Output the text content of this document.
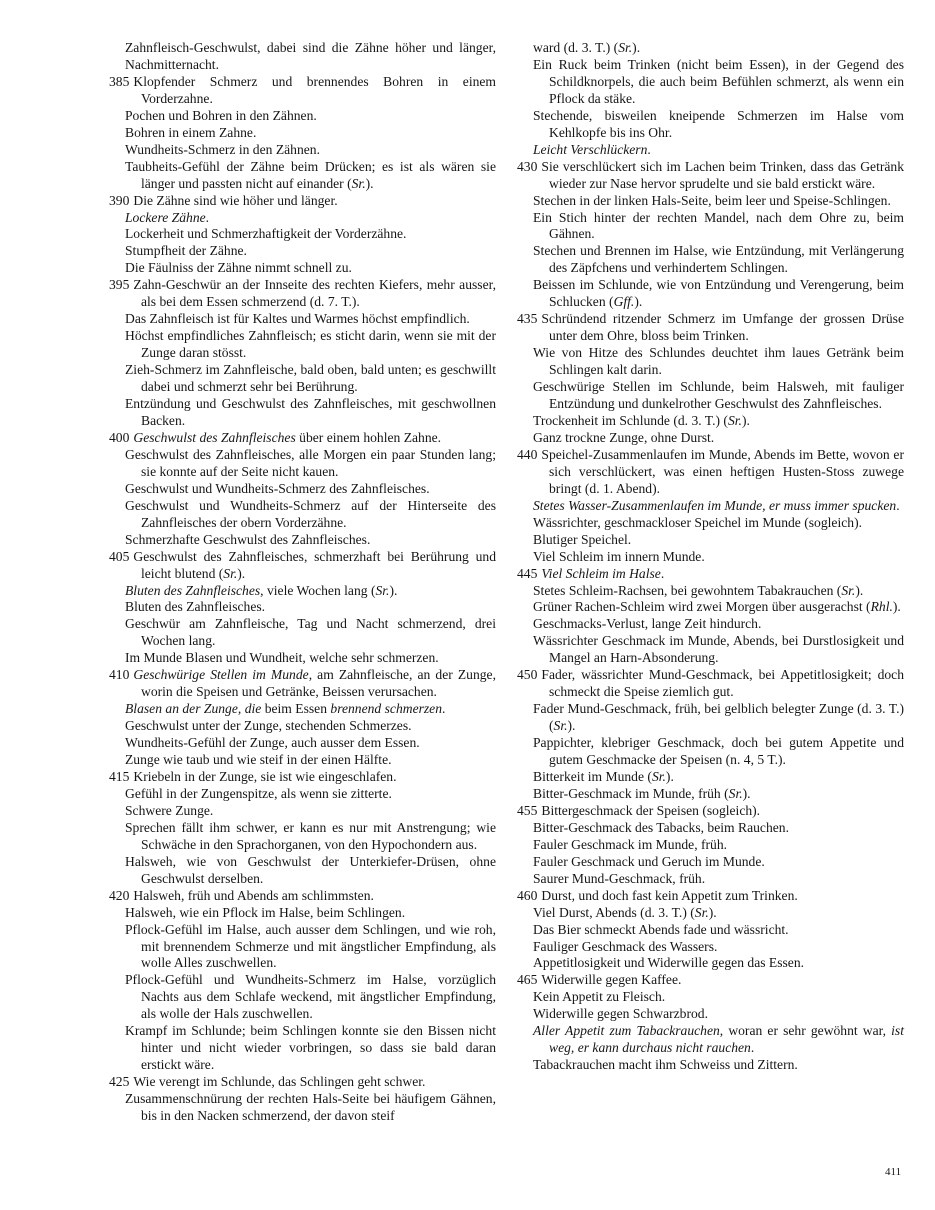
Zahnfleisch-Geschwulst, dabei sind die Zähne höher und länger, Nachmitternacht.
385 Klopfender Schmerz und brennendes Bohren in einem Vorderzahne.
Pochen und Bohren in den Zähnen.
Bohren in einem Zahne.
Wundheits-Schmerz in den Zähnen.
Taubheits-Gefühl der Zähne beim Drücken; es ist als wären sie länger und passten nicht auf einander (Sr.).
390 Die Zähne sind wie höher und länger.
Lockere Zähne.
Lockerheit und Schmerzhaftigkeit der Vorderzähne.
Stumpfheit der Zähne.
Die Fäulniss der Zähne nimmt schnell zu.
395 Zahn-Geschwür an der Innseite des rechten Kiefers, mehr ausser, als bei dem Essen schmerzend (d. 7. T.).
Das Zahnfleisch ist für Kaltes und Warmes höchst empfindlich.
Höchst empfindliches Zahnfleisch; es sticht darin, wenn sie mit der Zunge daran stösst.
Zieh-Schmerz im Zahnfleische, bald oben, bald unten; es geschwillt dabei und schmerzt sehr bei Berührung.
Entzündung und Geschwulst des Zahnfleisches, mit geschwollnen Backen.
400 Geschwulst des Zahnfleisches über einem hohlen Zahne.
Geschwulst des Zahnfleisches, alle Morgen ein paar Stunden lang; sie konnte auf der Seite nicht kauen.
Geschwulst und Wundheits-Schmerz des Zahnfleisches.
Geschwulst und Wundheits-Schmerz auf der Hinterseite des Zahnfleisches der obern Vorderzähne.
Schmerzhafte Geschwulst des Zahnfleisches.
405 Geschwulst des Zahnfleisches, schmerzhaft bei Berührung und leicht blutend (Sr.).
Bluten des Zahnfleisches, viele Wochen lang (Sr.).
Bluten des Zahnfleisches.
Geschwür am Zahnfleische, Tag und Nacht schmerzend, drei Wochen lang.
Im Munde Blasen und Wundheit, welche sehr schmerzen.
410 Geschwürige Stellen im Munde, am Zahnfleische, an der Zunge, worin die Speisen und Getränke, Beissen verursachen.
Blasen an der Zunge, die beim Essen brennend schmerzen.
Geschwulst unter der Zunge, stechenden Schmerzes.
Wundheits-Gefühl der Zunge, auch ausser dem Essen.
Zunge wie taub und wie steif in der einen Hälfte.
415 Kriebeln in der Zunge, sie ist wie eingeschlafen.
Gefühl in der Zungenspitze, als wenn sie zitterte.
Schwere Zunge.
Sprechen fällt ihm schwer, er kann es nur mit Anstrengung; wie Schwäche in den Sprachorganen, von den Hypochondern aus.
Halsweh, wie von Geschwulst der Unterkiefer-Drüsen, ohne Geschwulst derselben.
420 Halsweh, früh und Abends am schlimmsten.
Halsweh, wie ein Pflock im Halse, beim Schlingen.
Pflock-Gefühl im Halse, auch ausser dem Schlingen, und wie roh, mit brennendem Schmerze und mit ängstlicher Empfindung, als wolle Alles zuschwellen.
Pflock-Gefühl und Wundheits-Schmerz im Halse, vorzüglich Nachts aus dem Schlafe weckend, mit ängstlicher Empfindung, als wolle der Hals zuschwellen.
Krampf im Schlunde; beim Schlingen konnte sie den Bissen nicht hinter und nicht wieder vorbringen, so dass sie bald daran erstickt wäre.
425 Wie verengt im Schlunde, das Schlingen geht schwer.
Zusammenschnürung der rechten Hals-Seite bei häufigem Gähnen, bis in den Nacken schmerzend, der davon steif
ward (d. 3. T.) (Sr.).
Ein Ruck beim Trinken (nicht beim Essen), in der Gegend des Schildknorpels, die auch beim Befühlen schmerzt, als wenn ein Pflock da stäke.
Stechende, bisweilen kneipende Schmerzen im Halse vom Kehlkopfe bis ins Ohr.
Leicht Verschlückern.
430 Sie verschlückert sich im Lachen beim Trinken, dass das Getränk wieder zur Nase hervor sprudelte und sie bald erstickt wäre.
Stechen in der linken Hals-Seite, beim leer und Speise-Schlingen.
Ein Stich hinter der rechten Mandel, nach dem Ohre zu, beim Gähnen.
Stechen und Brennen im Halse, wie Entzündung, mit Verlängerung des Zäpfchens und verhindertem Schlingen.
Beissen im Schlunde, wie von Entzündung und Verengerung, beim Schlucken (Gff.).
435 Schründend ritzender Schmerz im Umfange der grossen Drüse unter dem Ohre, bloss beim Trinken.
Wie von Hitze des Schlundes deuchtet ihm laues Getränk beim Schlingen kalt darin.
Geschwürige Stellen im Schlunde, beim Halsweh, mit fauliger Entzündung und dunkelrother Geschwulst des Zahnfleisches.
Trockenheit im Schlunde (d. 3. T.) (Sr.).
Ganz trockne Zunge, ohne Durst.
440 Speichel-Zusammenlaufen im Munde, Abends im Bette, wovon er sich verschlückert, was einen heftigen Husten-Stoss zuwege bringt (d. 1. Abend).
Stetes Wasser-Zusammenlaufen im Munde, er muss immer spucken.
Wässrichter, geschmackloser Speichel im Munde (sogleich).
Blutiger Speichel.
Viel Schleim im innern Munde.
445 Viel Schleim im Halse.
Stetes Schleim-Rachsen, bei gewohntem Tabakrauchen (Sr.).
Grüner Rachen-Schleim wird zwei Morgen über ausgerachst (Rhl.).
Geschmacks-Verlust, lange Zeit hindurch.
Wässrichter Geschmack im Munde, Abends, bei Durstlosigkeit und Mangel an Harn-Absonderung.
450 Fader, wässrichter Mund-Geschmack, bei Appetitlosigkeit; doch schmeckt die Speise ziemlich gut.
Fader Mund-Geschmack, früh, bei gelblich belegter Zunge (d. 3. T.) (Sr.).
Pappichter, klebriger Geschmack, doch bei gutem Appetite und gutem Geschmacke der Speisen (n. 4, 5 T.).
Bitterkeit im Munde (Sr.).
Bitter-Geschmack im Munde, früh (Sr.).
455 Bittergeschmack der Speisen (sogleich).
Bitter-Geschmack des Tabacks, beim Rauchen.
Fauler Geschmack im Munde, früh.
Fauler Geschmack und Geruch im Munde.
Saurer Mund-Geschmack, früh.
460 Durst, und doch fast kein Appetit zum Trinken.
Viel Durst, Abends (d. 3. T.) (Sr.).
Das Bier schmeckt Abends fade und wässricht.
Fauliger Geschmack des Wassers.
Appetitlosigkeit und Widerwille gegen das Essen.
465 Widerwille gegen Kaffee.
Kein Appetit zu Fleisch.
Widerwille gegen Schwarzbrod.
Aller Appetit zum Tabackrauchen, woran er sehr gewöhnt war, ist weg, er kann durchaus nicht rauchen.
Tabackrauchen macht ihm Schweiss und Zittern.
411
